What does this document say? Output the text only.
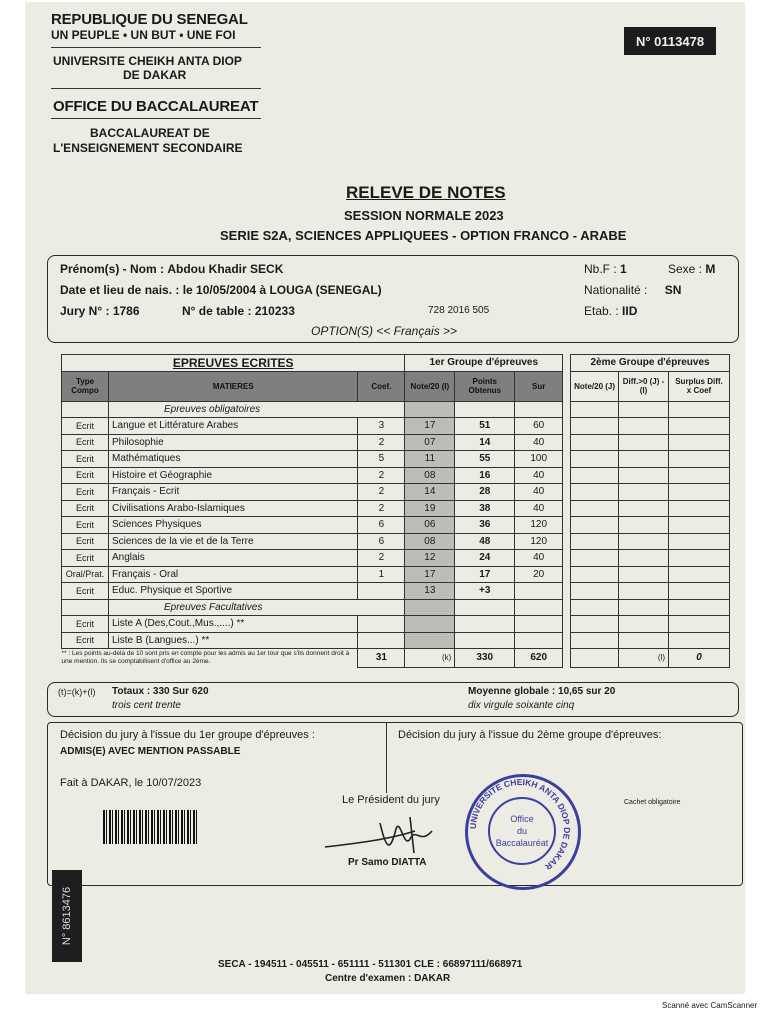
REPUBLIQUE DU SENEGAL
UN PEUPLE • UN BUT • UNE FOI
UNIVERSITE CHEIKH ANTA DIOP
DE DAKAR
OFFICE DU BACCALAUREAT
BACCALAUREAT DE
L'ENSEIGNEMENT SECONDAIRE
N° 0113478
RELEVE DE NOTES
SESSION NORMALE 2023
SERIE S2A, SCIENCES APPLIQUEES - OPTION FRANCO - ARABE
Prénom(s) - Nom : Abdou Khadir SECK
Date et lieu de nais. : le 10/05/2004 à LOUGA (SENEGAL)
Jury N° : 1786	N° de table : 210233	728 2016 505
OPTION(S) << Français >>
Nb.F : 1	Sexe : M
Nationalité : SN
Etab. : IID
EPREUVES ECRITES			1er Groupe d'épreuves				2ème Groupe d'épreuves		
Type Compo	MATIERES	Coef.	Note/20 (I)	Points Obtenus	Sur		Note/20 (J)	Diff.>0 (J) - (I)	Surplus Diff. x Coef
	Epreuves obligatoires								
Ecrit	Langue et Littérature Arabes	3	17	51	60				
Ecrit	Philosophie	2	07	14	40				
Ecrit	Mathématiques	5	11	55	100				
Ecrit	Histoire et Géographie	2	08	16	40				
Ecrit	Français - Ecrit	2	14	28	40				
Ecrit	Civilisations Arabo-Islamiques	2	19	38	40				
Ecrit	Sciences Physiques	6	06	36	120				
Ecrit	Sciences de la vie et de la Terre	6	08	48	120				
Ecrit	Anglais	2	12	24	40				
Oral/Prat.	Français - Oral	1	17	17	20				
Ecrit	Educ. Physique et Sportive		13	+3					
	Epreuves Facultatives								
Ecrit	Liste A (Des,Cout.,Mus.,....) **								
Ecrit	Liste B (Langues...) **								
** : Les points au-delà de 10 sont pris en compte pour les admis au 1er tour que s'ils donnent droit à une mention. Ils se comptabilisent d'office au 2ème.		31	(k)	330	620			(l)	0
(t)=(k)+(l) Totaux : 330 Sur 620
trois cent trente
Moyenne globale : 10,65 sur 20
dix virgule soixante cinq
Décision du jury à l'issue du 1er groupe d'épreuves :
ADMIS(E) AVEC MENTION PASSABLE
Décision du jury à l'issue du 2ème groupe d'épreuves:
Fait à DAKAR, le 10/07/2023
Le Président du jury	Cachet obligatoire
Pr Samo DIATTA
UNIVERSITE CHEIKH ANTA DIOP DE DAKAR
Office
du
Baccalauréat
N° 8613476
SECA - 194511 - 045511 - 651111 - 511301 CLE : 66897111/668971
Centre d'examen : DAKAR
Scanné avec CamScanner
